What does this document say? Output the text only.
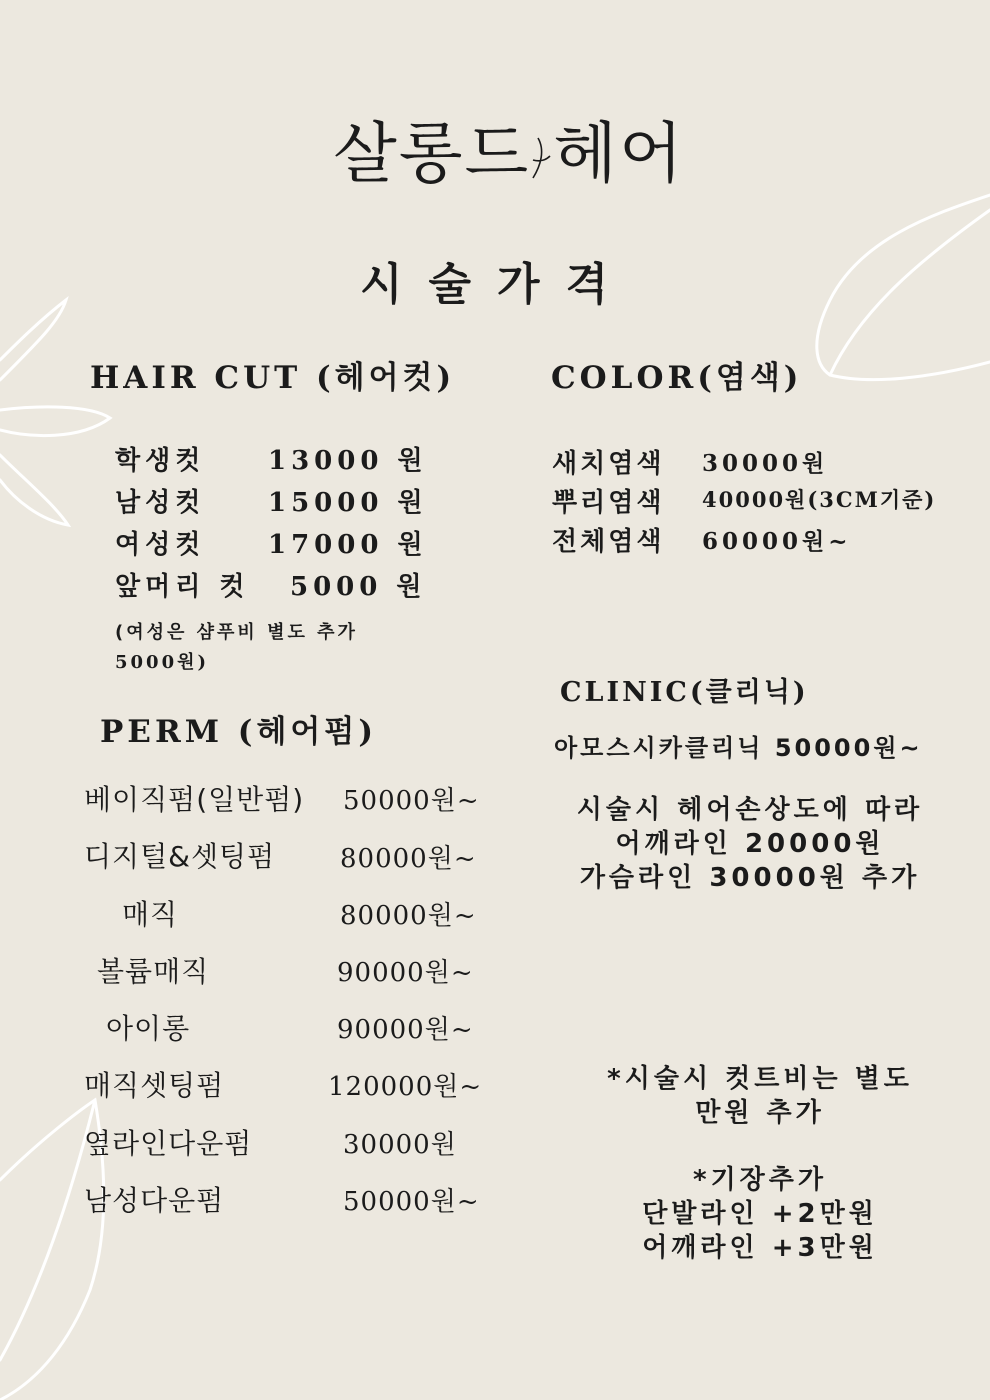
살롱드 헤어
시술가격
HAIR CUT (헤어컷)
학생컷 13000 원
남성컷 15000 원
여성컷 17000 원
앞머리 컷 5000 원
(여성은 샴푸비 별도 추가
5000원)
PERM (헤어펌)
베이직펌(일반펌) 50000원~
디지털&셋팅펌 80000원~
매직	80000원~
볼륨매직	90000원~
아이롱	90000원~
매직셋팅펌	120000원~
옆라인다운펌	30000원
남성다운펌	50000원~
COLOR(염색)
새치염색 30000원
뿌리염색 40000원(3CM기준)
전체염색 60000원~
CLINIC(클리닉)
아모스시카클리닉 50000원~
시술시 헤어손상도에 따라
어깨라인 20000원
가슴라인 30000원 추가
*시술시 컷트비는 별도
만원 추가
*기장추가
단발라인 +2만원
어깨라인 +3만원
